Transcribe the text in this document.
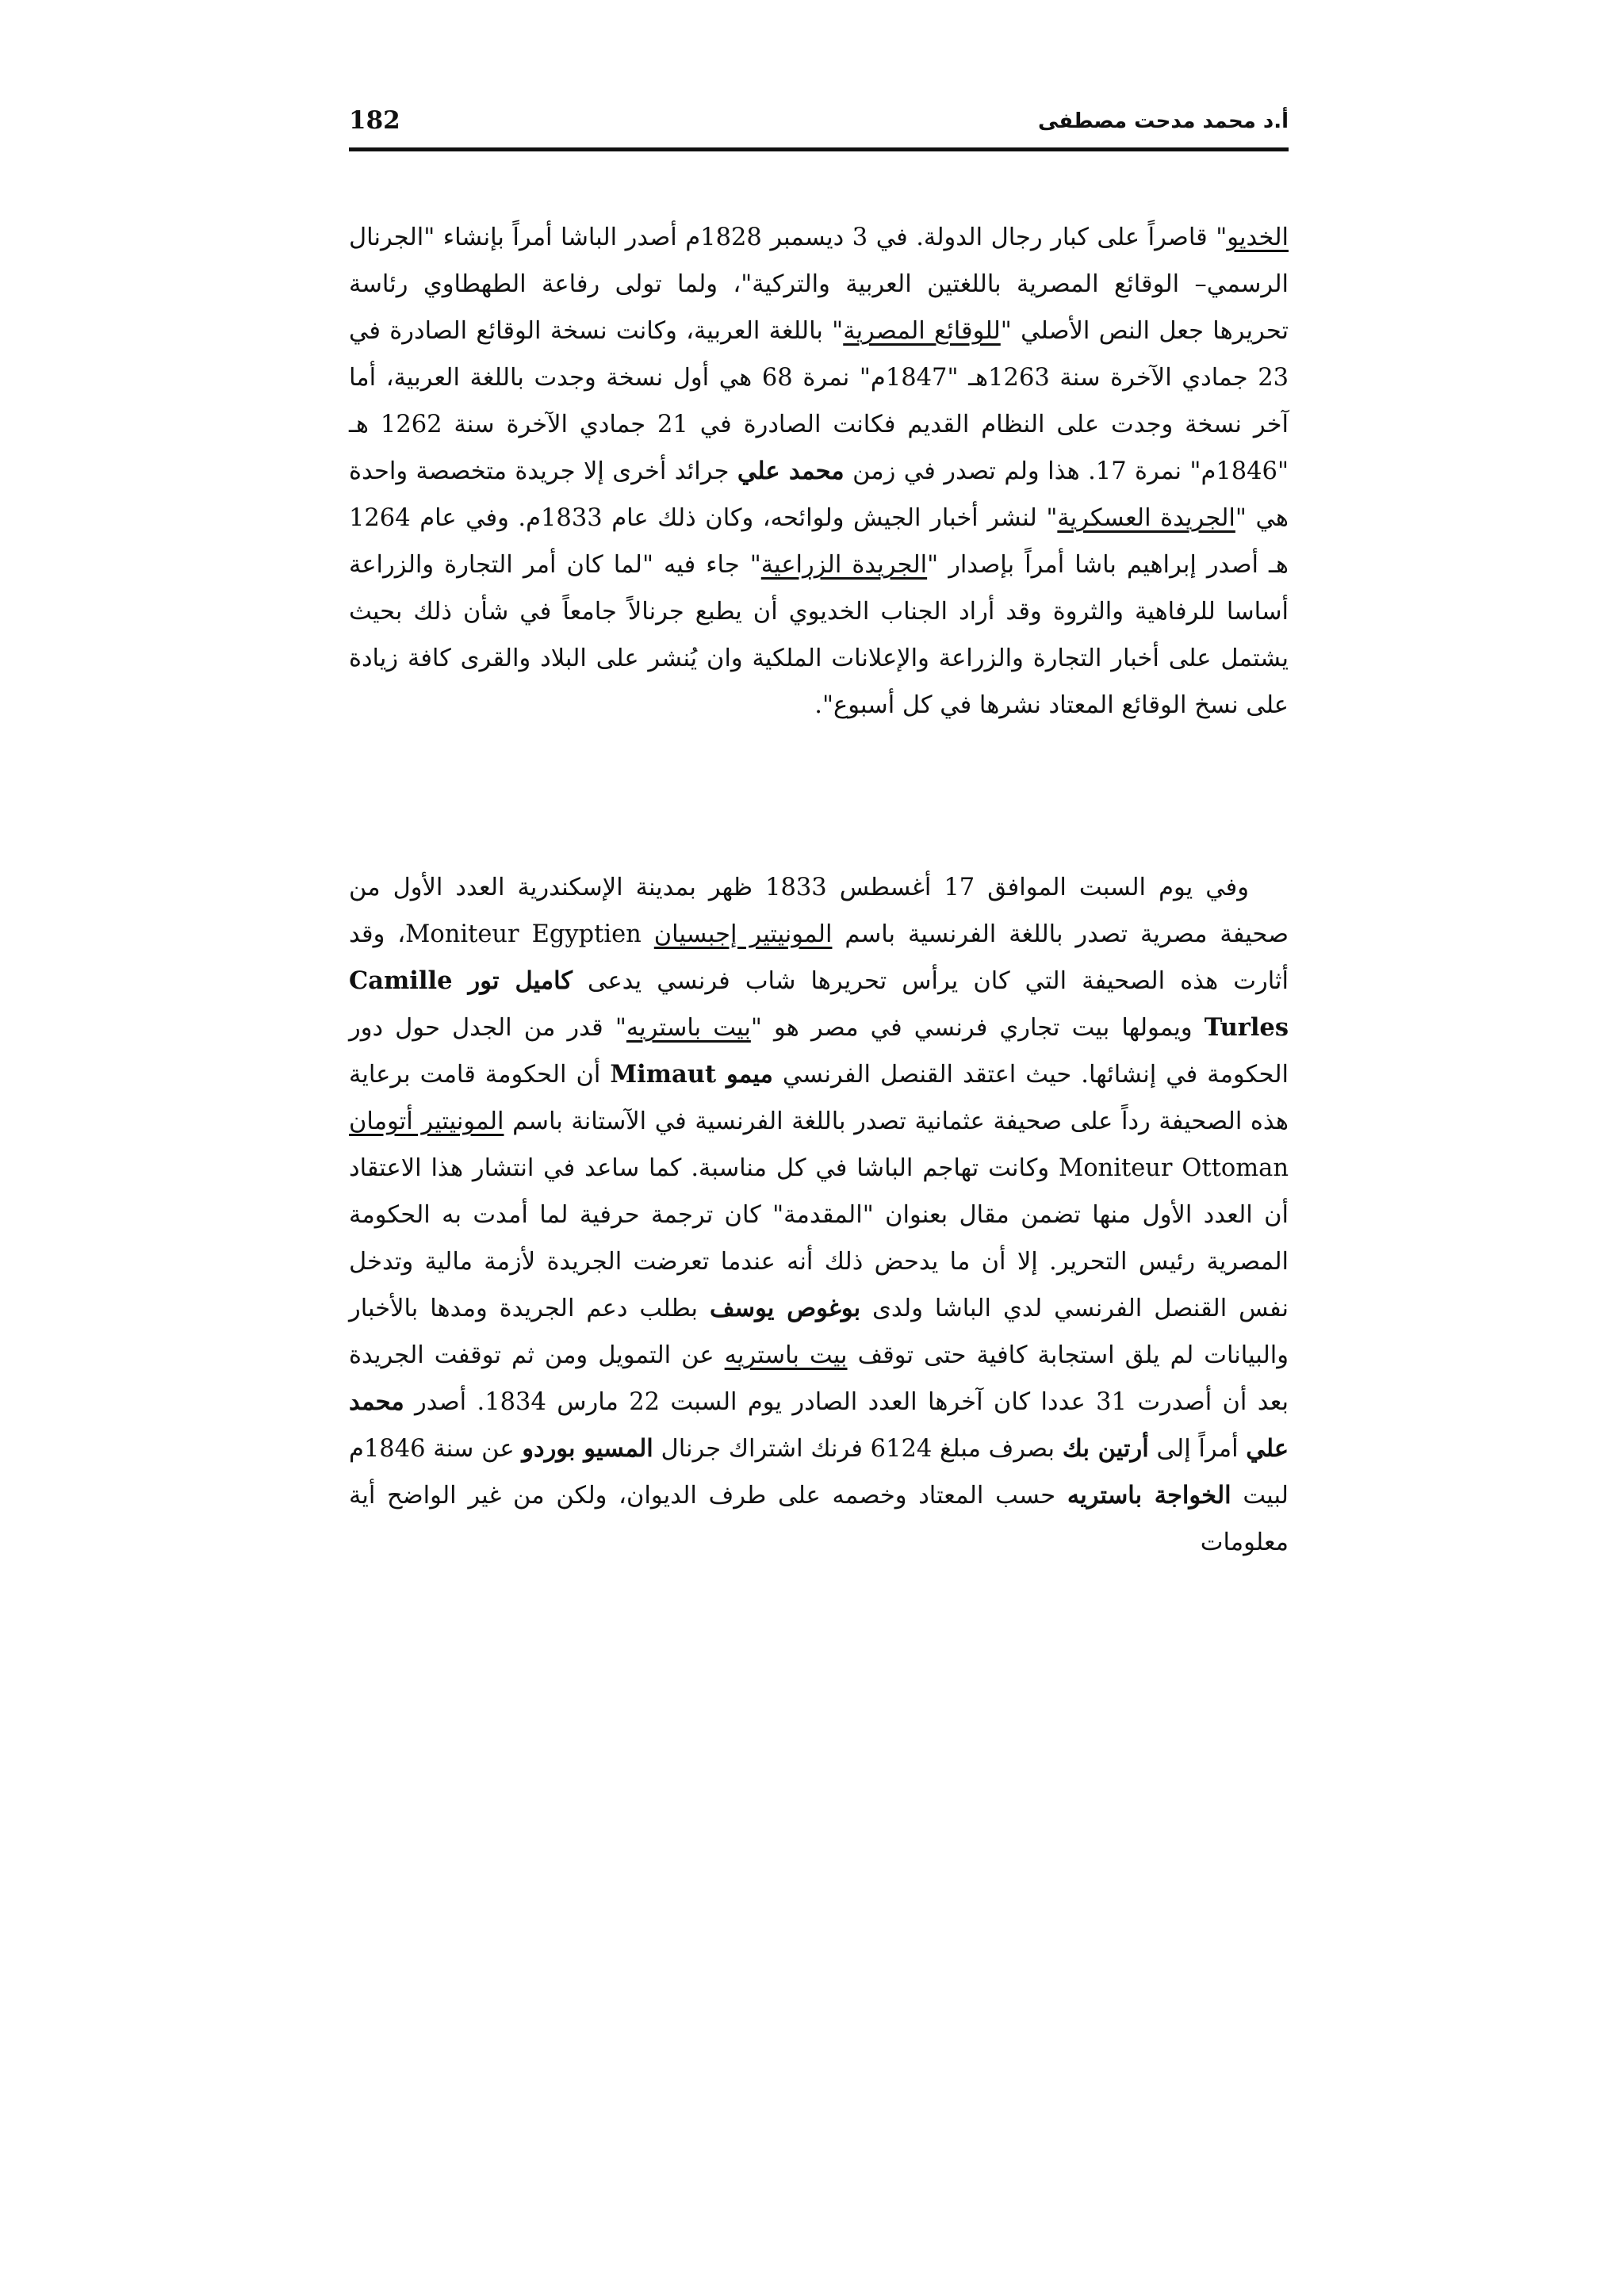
أ.د محمد مدحت مصطفى
182

الخديو" قاصراً على كبار رجال الدولة. في 3 ديسمبر 1828م أصدر الباشا أمراً بإنشاء "الجرنال الرسمي– الوقائع المصرية باللغتين العربية والتركية"، ولما تولى رفاعة الطهطاوي رئاسة تحريرها جعل النص الأصلي "للوقائع المصرية" باللغة العربية، وكانت نسخة الوقائع الصادرة في 23 جمادي الآخرة سنة 1263هـ "1847م" نمرة 68 هي أول نسخة وجدت باللغة العربية، أما آخر نسخة وجدت على النظام القديم فكانت الصادرة في 21 جمادي الآخرة سنة 1262 هـ "1846م" نمرة 17. هذا ولم تصدر في زمن محمد علي جرائد أخرى إلا جريدة متخصصة واحدة هي "الجريدة العسكرية" لنشر أخبار الجيش ولوائحه، وكان ذلك عام 1833م. وفي عام 1264 هـ أصدر إبراهيم باشا أمراً بإصدار "الجريدة الزراعية" جاء فيه "لما كان أمر التجارة والزراعة أساسا للرفاهية والثروة وقد أراد الجناب الخديوي أن يطبع جرنالاً جامعاً في شأن ذلك بحيث يشتمل على أخبار التجارة والزراعة والإعلانات الملكية وان يُنشر على البلاد والقرى كافة زيادة على نسخ الوقائع المعتاد نشرها في كل أسبوع".

وفي يوم السبت الموافق 17 أغسطس 1833 ظهر بمدينة الإسكندرية العدد الأول من صحيفة مصرية تصدر باللغة الفرنسية باسم المونيتير إجبسيان Moniteur Egyptien، وقد أثارت هذه الصحيفة التي كان يرأس تحريرها شاب فرنسي يدعى كاميل تور Camille Turles ويمولها بيت تجاري فرنسي في مصر هو "بيت باستريه" قدر من الجدل حول دور الحكومة في إنشائها. حيث اعتقد القنصل الفرنسي ميمو Mimaut أن الحكومة قامت برعاية هذه الصحيفة رداً على صحيفة عثمانية تصدر باللغة الفرنسية في الآستانة باسم المونيتير أتومان Moniteur Ottoman وكانت تهاجم الباشا في كل مناسبة. كما ساعد في انتشار هذا الاعتقاد أن العدد الأول منها تضمن مقال بعنوان "المقدمة" كان ترجمة حرفية لما أمدت به الحكومة المصرية رئيس التحرير. إلا أن ما يدحض ذلك أنه عندما تعرضت الجريدة لأزمة مالية وتدخل نفس القنصل الفرنسي لدي الباشا ولدى بوغوص يوسف بطلب دعم الجريدة ومدها بالأخبار والبيانات لم يلق استجابة كافية حتى توقف بيت باستريه عن التمويل ومن ثم توقفت الجريدة بعد أن أصدرت 31 عددا كان آخرها العدد الصادر يوم السبت 22 مارس 1834. أصدر محمد علي أمراً إلى أرتين بك بصرف مبلغ 6124 فرنك اشتراك جرنال المسيو بوردو عن سنة 1846م لبيت الخواجة باستريه حسب المعتاد وخصمه على طرف الديوان، ولكن من غير الواضح أية معلومات
